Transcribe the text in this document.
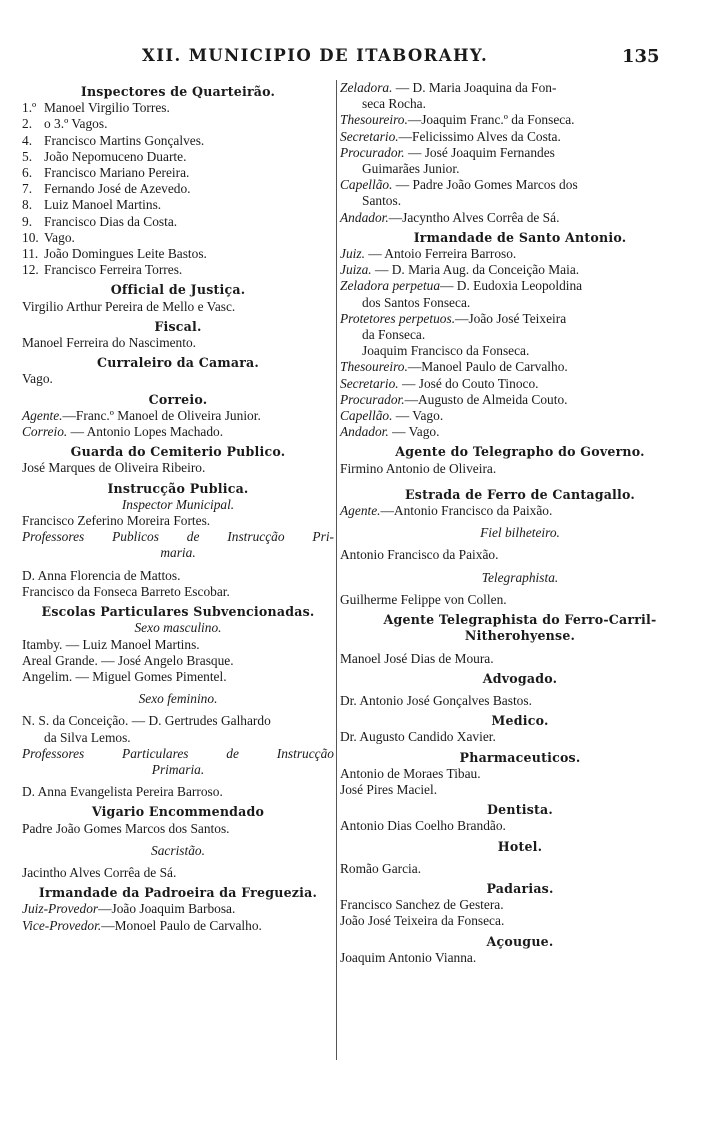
XII. MUNICIPIO DE ITABORAHY.	135
Inspectores de Quarteirão.
1.º Manoel Virgilio Torres.
2. o 3.º Vagos.
4. Francisco Martins Gonçalves.
5. João Nepomuceno Duarte.
6. Francisco Mariano Pereira.
7. Fernando José de Azevedo.
8. Luiz Manoel Martins.
9. Francisco Dias da Costa.
10. Vago.
11. João Domingues Leite Bastos.
12. Francisco Ferreira Torres.
Official de Justiça.
Virgilio Arthur Pereira de Mello e Vasc.
Fiscal.
Manoel Ferreira do Nascimento.
Curraleiro da Camara.
Vago.
Correio.
Agente.—Franc.º Manoel de Oliveira Junior.
Correio. — Antonio Lopes Machado.
Guarda do Cemiterio Publico.
José Marques de Oliveira Ribeiro.
Instrucção Publica.
Inspector Municipal.
Francisco Zeferino Moreira Fortes.
Professores Publicos de Instrucção Pri-
maria.
D. Anna Florencia de Mattos.
Francisco da Fonseca Barreto Escobar.
Escolas Particulares Subvencionadas.
Sexo masculino.
Itamby. — Luiz Manoel Martins.
Areal Grande. — José Angelo Brasque.
Angelim. — Miguel Gomes Pimentel.
Sexo feminino.
N. S. da Conceição. — D. Gertrudes Galhardo
da Silva Lemos.
Professores Particulares de Instrucção
Primaria.
D. Anna Evangelista Pereira Barroso.
Vigario Encommendado
Padre João Gomes Marcos dos Santos.
Sacristão.
Jacintho Alves Corrêa de Sá.
Irmandade da Padroeira da Freguezia.
Juiz-Provedor—João Joaquim Barbosa.
Vice-Provedor.—Monoel Paulo de Carvalho.
Zeladora. — D. Maria Joaquina da Fon-
seca Rocha.
Thesoureiro.—Joaquim Franc.º da Fonseca.
Secretario.—Felicissimo Alves da Costa.
Procurador. — José Joaquim Fernandes
Guimarães Junior.
Capellão. — Padre João Gomes Marcos dos
Santos.
Andador.—Jacyntho Alves Corrêa de Sá.
Irmandade de Santo Antonio.
Juiz. — Antoio Ferreira Barroso.
Juiza. — D. Maria Aug. da Conceição Maia.
Zeladora perpetua— D. Eudoxia Leopoldina
dos Santos Fonseca.
Protetores perpetuos.—João José Teixeira
da Fonseca.
Joaquim Francisco da Fonseca.
Thesoureiro.—Manoel Paulo de Carvalho.
Secretario. — José do Couto Tinoco.
Procurador.—Augusto de Almeida Couto.
Capellão. — Vago.
Andador. — Vago.
Agente do Telegrapho do Governo.
Firmino Antonio de Oliveira.
Estrada de Ferro de Cantagallo.
Agente.—Antonio Francisco da Paixão.
Fiel bilheteiro.
Antonio Francisco da Paixão.
Telegraphista.
Guilherme Felippe von Collen.
Agente Telegraphista do Ferro-Carril-
Nitherohyense.
Manoel José Dias de Moura.
Advogado.
Dr. Antonio José Gonçalves Bastos.
Medico.
Dr. Augusto Candido Xavier.
Pharmaceuticos.
Antonio de Moraes Tibau.
José Pires Maciel.
Dentista.
Antonio Dias Coelho Brandão.
Hotel.
Romão Garcia.
Padarias.
Francisco Sanchez de Gestera.
João José Teixeira da Fonseca.
Açougue.
Joaquim Antonio Vianna.
